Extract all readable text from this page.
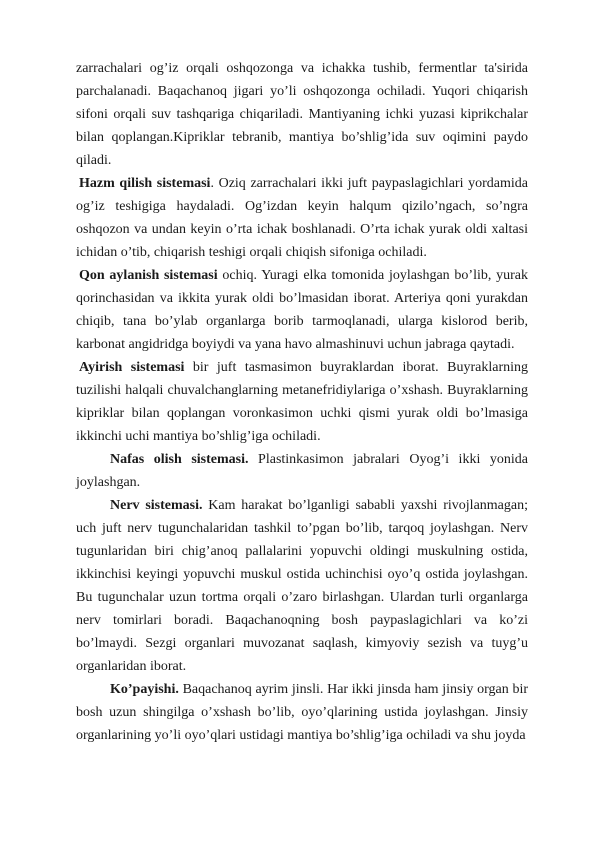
zarrachalari og’iz orqali oshqozonga va ichakka tushib, fermentlar ta'sirida parchalanadi. Baqachanoq jigari yo’li oshqozonga ochiladi. Yuqori chiqarish sifoni orqali suv tashqariga chiqariladi. Mantiyaning ichki yuzasi kiprikchalar bilan qoplangan.Kipriklar tebranib, mantiya bo’shlig’ida suv oqimini paydo qiladi.

Hazm qilish sistemasi. Oziq zarrachalari ikki juft paypaslagichlari yordamida og’iz teshigiga haydaladi. Og’izdan keyin halqum qizilo’ngach, so’ngra oshqozon va undan keyin o’rta ichak boshlanadi. O’rta ichak yurak oldi xaltasi ichidan o’tib, chiqarish teshigi orqali chiqish sifoniga ochiladi.

Qon aylanish sistemasi ochiq. Yuragi elka tomonida joylashgan bo’lib, yurak qorinchasidan va ikkita yurak oldi bo’lmasidan iborat. Arteriya qoni yurakdan chiqib, tana bo’ylab organlarga borib tarmoqlanadi, ularga kislorod berib, karbonat angidridga boyiydi va yana havo almashinuvi uchun jabraga qaytadi.

Ayirish sistemasi bir juft tasmasimon buyraklardan iborat. Buyraklarning tuzilishi halqali chuvalchanglarning metanefridiylariga o’xshash. Buyraklarning kipriklar bilan qoplangan voronkasimon uchki qismi yurak oldi bo’lmasiga ikkinchi uchi mantiya bo’shlig’iga ochiladi.

Nafas olish sistemasi. Plastinkasimon jabralari Oyog’i ikki yonida joylashgan.

Nerv sistemasi. Kam harakat bo’lganligi sababli yaxshi rivojlanmagan; uch juft nerv tugunchalaridan tashkil to’pgan bo’lib, tarqoq joylashgan. Nerv tugunlaridan biri chig’anoq pallalarini yopuvchi oldingi muskulning ostida, ikkinchisi keyingi yopuvchi muskul ostida uchinchisi oyo’q ostida joylashgan. Bu tugunchalar uzun tortma orqali o’zaro birlashgan. Ulardan turli organlarga nerv tomirlari boradi. Baqachanoqning bosh paypaslagichlari va ko’zi bo’lmaydi. Sezgi organlari muvozanat saqlash, kimyoviy sezish va tuyg’u organlaridan iborat.

Ko’payishi. Baqachanoq ayrim jinsli. Har ikki jinsda ham jinsiy organ bir bosh uzun shingilga o’xshash bo’lib, oyo’qlarining ustida joylashgan. Jinsiy organlarining yo’li oyo’qlari ustidagi mantiya bo’shlig’iga ochiladi va shu joyda
